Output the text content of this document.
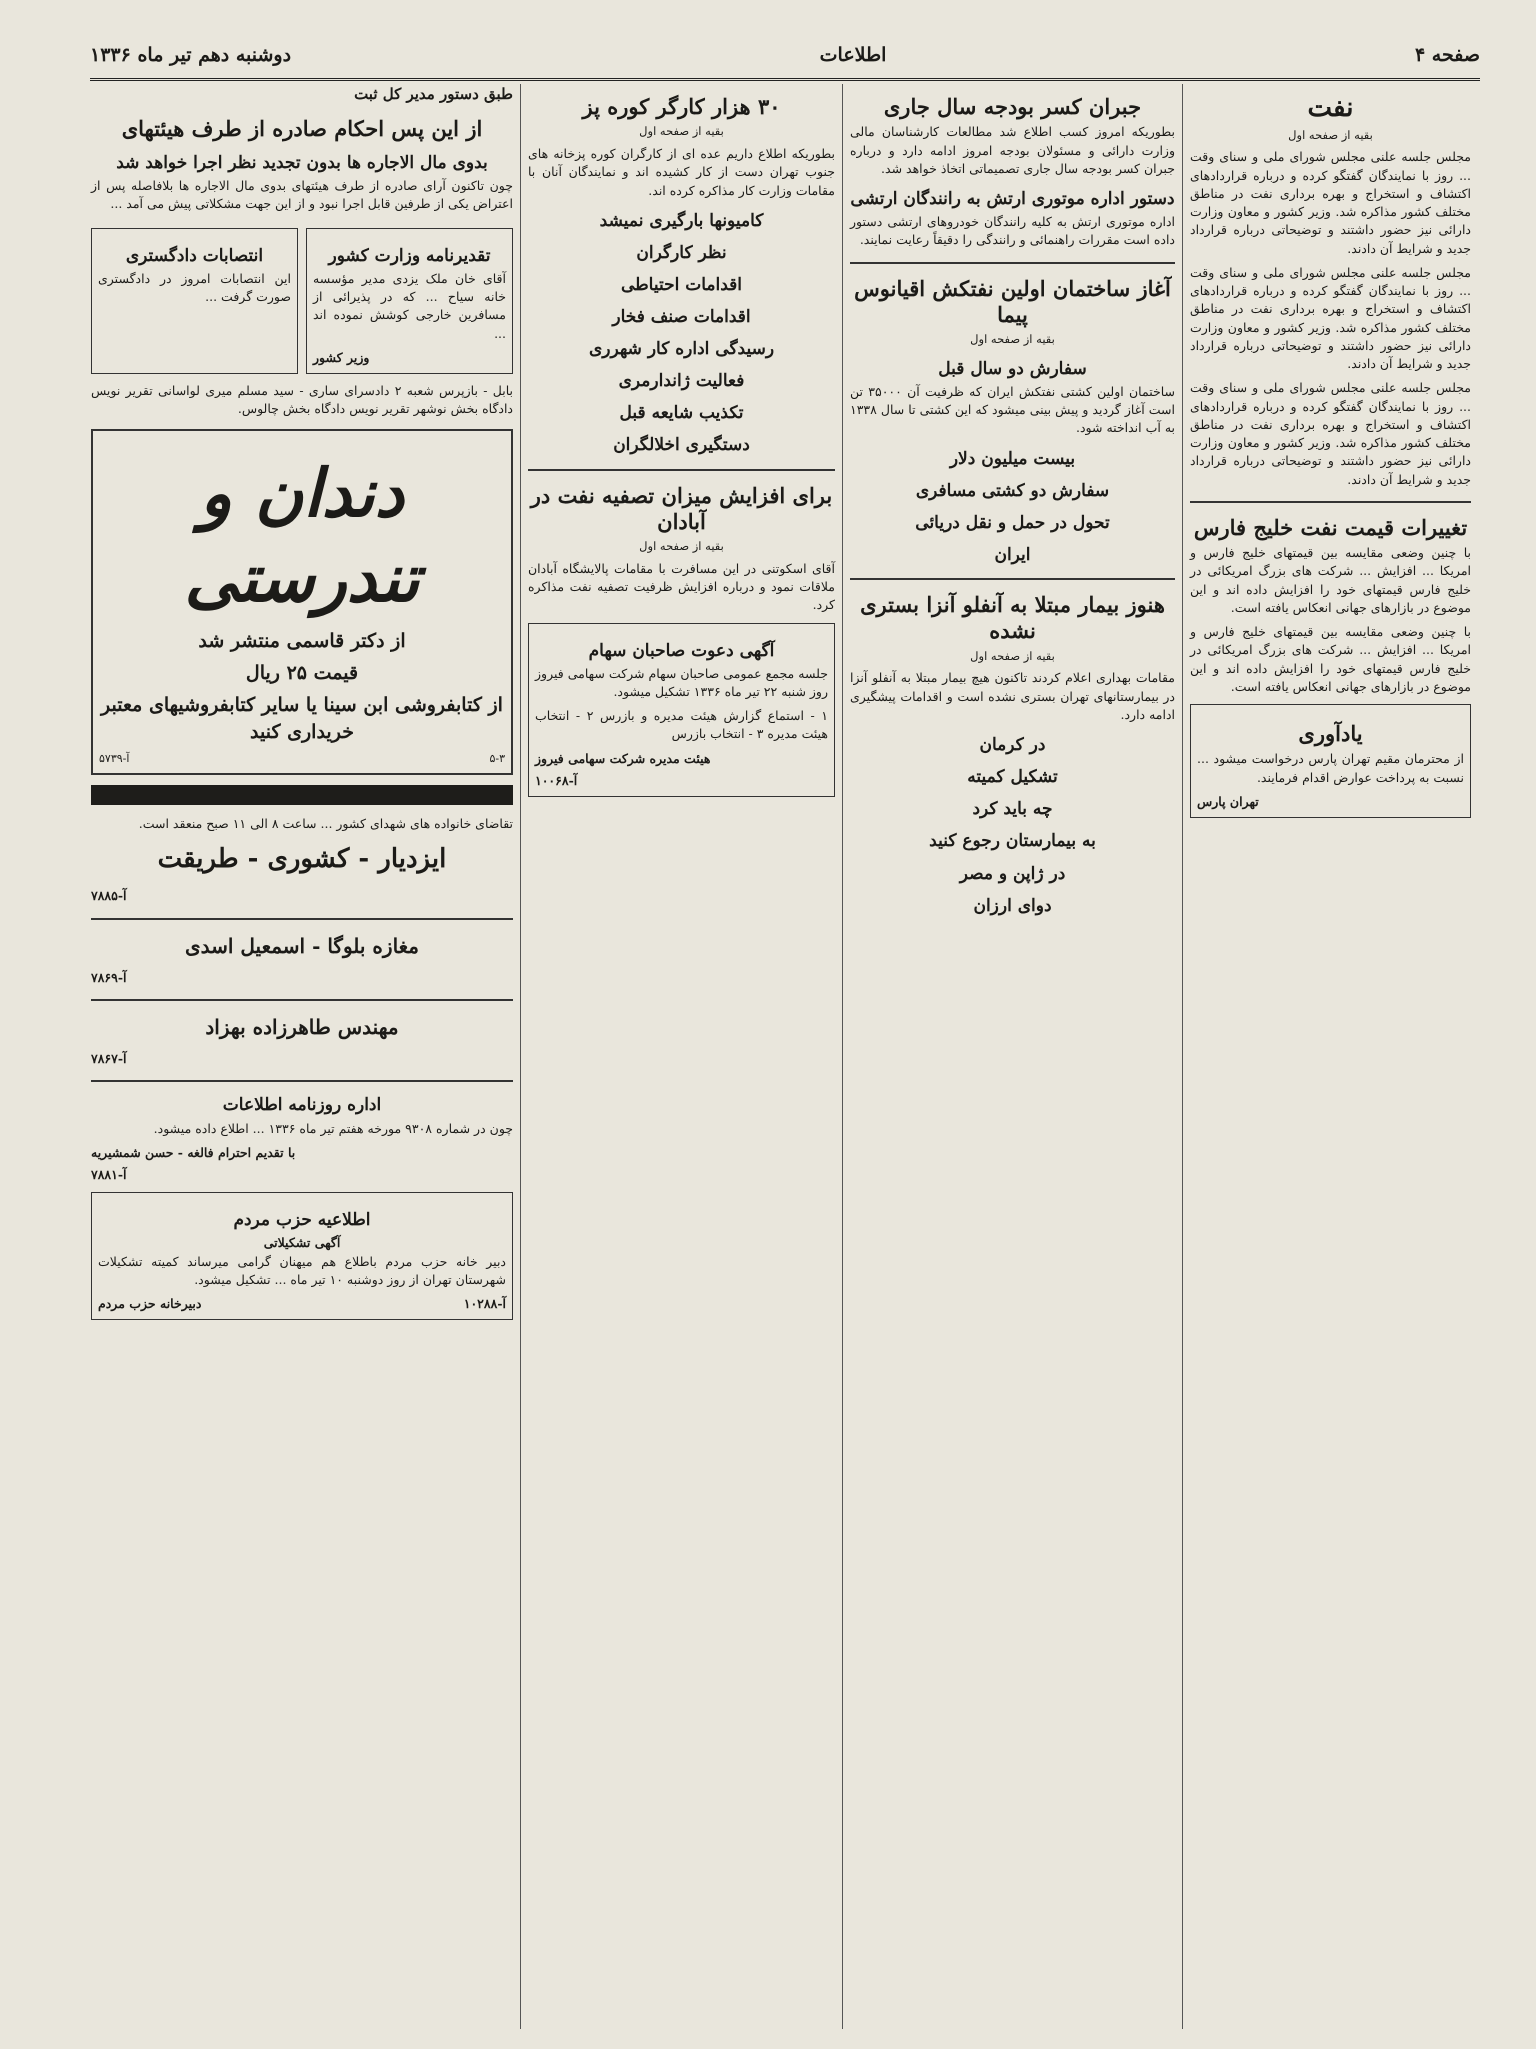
صفحه ۴
اطلاعات
دوشنبه دهم تیر ماه ۱۳۳۶
نفت
بقیه از صفحه اول

مجلس جلسه علنی مجلس شورای ملی و سنای وقت ... روز با نمایندگان گفتگو کرده و درباره قراردادهای اکتشاف و استخراج و بهره برداری نفت در مناطق مختلف کشور مذاکره شد. وزیر کشور و معاون وزارت دارائی نیز حضور داشتند و توضیحاتی درباره قرارداد جدید و شرایط آن دادند.

مجلس جلسه علنی مجلس شورای ملی و سنای وقت ... روز با نمایندگان گفتگو کرده و درباره قراردادهای اکتشاف و استخراج و بهره برداری نفت در مناطق مختلف کشور مذاکره شد. وزیر کشور و معاون وزارت دارائی نیز حضور داشتند و توضیحاتی درباره قرارداد جدید و شرایط آن دادند.

مجلس جلسه علنی مجلس شورای ملی و سنای وقت ... روز با نمایندگان گفتگو کرده و درباره قراردادهای اکتشاف و استخراج و بهره برداری نفت در مناطق مختلف کشور مذاکره شد. وزیر کشور و معاون وزارت دارائی نیز حضور داشتند و توضیحاتی درباره قرارداد جدید و شرایط آن دادند.

تغییرات قیمت نفت خلیج فارس

با چنین وضعی مقایسه بین قیمتهای خلیج فارس و امریکا ... افزایش ... شرکت های بزرگ امریکائی در خلیج فارس قیمتهای خود را افزایش داده اند و این موضوع در بازارهای جهانی انعکاس یافته است.

با چنین وضعی مقایسه بین قیمتهای خلیج فارس و امریکا ... افزایش ... شرکت های بزرگ امریکائی در خلیج فارس قیمتهای خود را افزایش داده اند و این موضوع در بازارهای جهانی انعکاس یافته است.

یادآوری

از محترمان مقیم تهران پارس درخواست میشود ... نسبت به پرداخت عوارض اقدام فرمایند.

تهران پارس
جبران کسر بودجه سال جاری

بطوریکه امروز کسب اطلاع شد مطالعات کارشناسان مالی وزارت دارائی و مسئولان بودجه امروز ادامه دارد و درباره جبران کسر بودجه سال جاری تصمیماتی اتخاذ خواهد شد.

دستور اداره موتوری ارتش به رانندگان ارتشی

اداره موتوری ارتش به کلیه رانندگان خودروهای ارتشی دستور داده است مقررات راهنمائی و رانندگی را دقیقاً رعایت نمایند.

آغاز ساختمان اولین نفتکش اقیانوس پیما
بقیه از صفحه اول
سفارش دو سال قبل

ساختمان اولین کشتی نفتکش ایران که ظرفیت آن ۳۵۰۰۰ تن است آغاز گردید و پیش بینی میشود که این کشتی تا سال ۱۳۳۸ به آب انداخته شود.

بیست میلیون دلار
سفارش دو کشتی مسافری
تحول در حمل و نقل دریائی
ایران
هنوز بیمار مبتلا به آنفلو آنزا بستری نشده
بقیه از صفحه اول

مقامات بهداری اعلام کردند تاکنون هیچ بیمار مبتلا به آنفلو آنزا در بیمارستانهای تهران بستری نشده است و اقدامات پیشگیری ادامه دارد.

در کرمان
تشکیل کمیته
چه باید کرد
به بیمارستان رجوع کنید
در ژاپن و مصر
دوای ارزان
۳۰ هزار کارگر کوره پز
بقیه از صفحه اول

بطوریکه اطلاع داریم عده ای از کارگران کوره پزخانه های جنوب تهران دست از کار کشیده اند و نمایندگان آنان با مقامات وزارت کار مذاکره کرده اند.

کامیونها بارگیری نمیشد
نظر کارگران
اقدامات احتیاطی
اقدامات صنف فخار
رسیدگی اداره کار شهرری
فعالیت ژاندارمری
تکذیب شایعه قبل
دستگیری اخلالگران
برای افزایش میزان تصفیه نفت در آبادان
بقیه از صفحه اول

آقای اسکوتنی در این مسافرت با مقامات پالایشگاه آبادان ملاقات نمود و درباره افزایش ظرفیت تصفیه نفت مذاکره کرد.

آگهی دعوت صاحبان سهام

جلسه مجمع عمومی صاحبان سهام شرکت سهامی فیروز روز شنبه ۲۲ تیر ماه ۱۳۳۶ تشکیل میشود.

۱ - استماع گزارش هیئت مدیره و بازرس ۲ - انتخاب هیئت مدیره ۳ - انتخاب بازرس

هیئت مدیره شرکت سهامی فیروز
آ-۱۰۰۶۸
طبق دستور مدیر کل ثبت
از این پس احکام صادره از طرف هیئتهای
بدوی مال الاجاره ها بدون تجدید نظر اجرا خواهد شد

چون تاکنون آرای صادره از طرف هیئتهای بدوی مال الاجاره ها بلافاصله پس از اعتراض یکی از طرفین قابل اجرا نبود و از این جهت مشکلاتی پیش می آمد ...

تقدیرنامه وزارت کشور

آقای خان ملک یزدی مدیر مؤسسه خانه سیاح ... که در پذیرائی از مسافرین خارجی کوشش نموده اند ...

وزیر کشور
انتصابات دادگستری

این انتصابات امروز در دادگستری صورت گرفت ...

بابل - بازپرس شعبه ۲ دادسرای ساری - سید مسلم میری لواسانی تقریر نویس دادگاه بخش نوشهر تقریر نویس دادگاه بخش چالوس.

دندان و تندرستی
از دکتر قاسمی منتشر شد
قیمت ۲۵ ریال
از کتابفروشی ابن سینا یا سایر کتابفروشیهای معتبر خریداری کنید
آ-۵۷۳۹	۵-۳

تقاضای خانواده های شهدای کشور ... ساعت ۸ الی ۱۱ صبح منعقد است.

ایزدیار - کشوری - طریقت
آ-۷۸۸۵
مغازه بلوگا - اسمعیل اسدی
آ-۷۸۶۹
مهندس طاهرزاده بهزاد
آ-۷۸۶۷
اداره روزنامه اطلاعات

چون در شماره ۹۳۰۸ مورخه هفتم تیر ماه ۱۳۳۶ ... اطلاع داده میشود.

با تقدیم احترام فالغه - حسن شمشیریه
آ-۷۸۸۱
اطلاعیه حزب مردم
آگهی تشکیلاتی

دبیر خانه حزب مردم باطلاع هم میهنان گرامی میرساند کمیته تشکیلات شهرستان تهران از روز دوشنبه ۱۰ تیر ماه ... تشکیل میشود.

دبیرخانه حزب مردم	آ-۱۰۲۸۸
